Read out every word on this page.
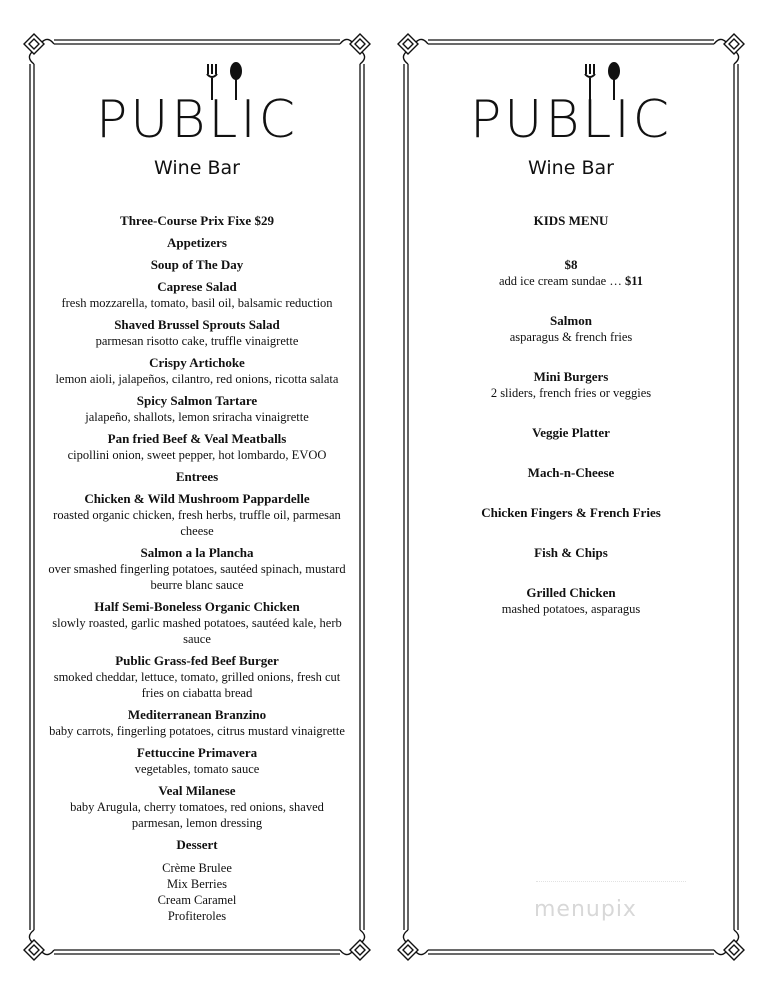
PUBLIC
Wine Bar
Three-Course Prix Fixe $29
Appetizers
Soup of The Day
Caprese Salad
fresh mozzarella, tomato, basil oil, balsamic reduction
Shaved Brussel Sprouts Salad
parmesan risotto cake, truffle vinaigrette
Crispy Artichoke
lemon aioli, jalapeños, cilantro, red onions, ricotta salata
Spicy Salmon Tartare
jalapeño, shallots, lemon sriracha vinaigrette
Pan fried Beef & Veal Meatballs
cipollini onion, sweet pepper, hot lombardo, EVOO
Entrees
Chicken & Wild Mushroom Pappardelle
roasted organic chicken, fresh herbs, truffle oil, parmesan cheese
Salmon a la Plancha
over smashed fingerling potatoes, sautéed spinach, mustard beurre blanc sauce
Half Semi-Boneless Organic Chicken
slowly roasted, garlic mashed potatoes, sautéed kale, herb sauce
Public Grass-fed Beef Burger
smoked cheddar, lettuce, tomato, grilled onions, fresh cut fries on ciabatta bread
Mediterranean Branzino
baby carrots, fingerling potatoes, citrus mustard vinaigrette
Fettuccine Primavera
vegetables, tomato sauce
Veal Milanese
baby Arugula, cherry tomatoes, red onions, shaved parmesan, lemon dressing
Dessert
Crème Brulee
Mix Berries
Cream Caramel
Profiteroles
PUBLIC
Wine Bar
KIDS MENU
$8
add ice cream sundae … $11
Salmon
asparagus & french fries
Mini Burgers
2 sliders, french fries or veggies
Veggie Platter
Mach-n-Cheese
Chicken Fingers & French Fries
Fish & Chips
Grilled Chicken
mashed potatoes, asparagus
menupix
